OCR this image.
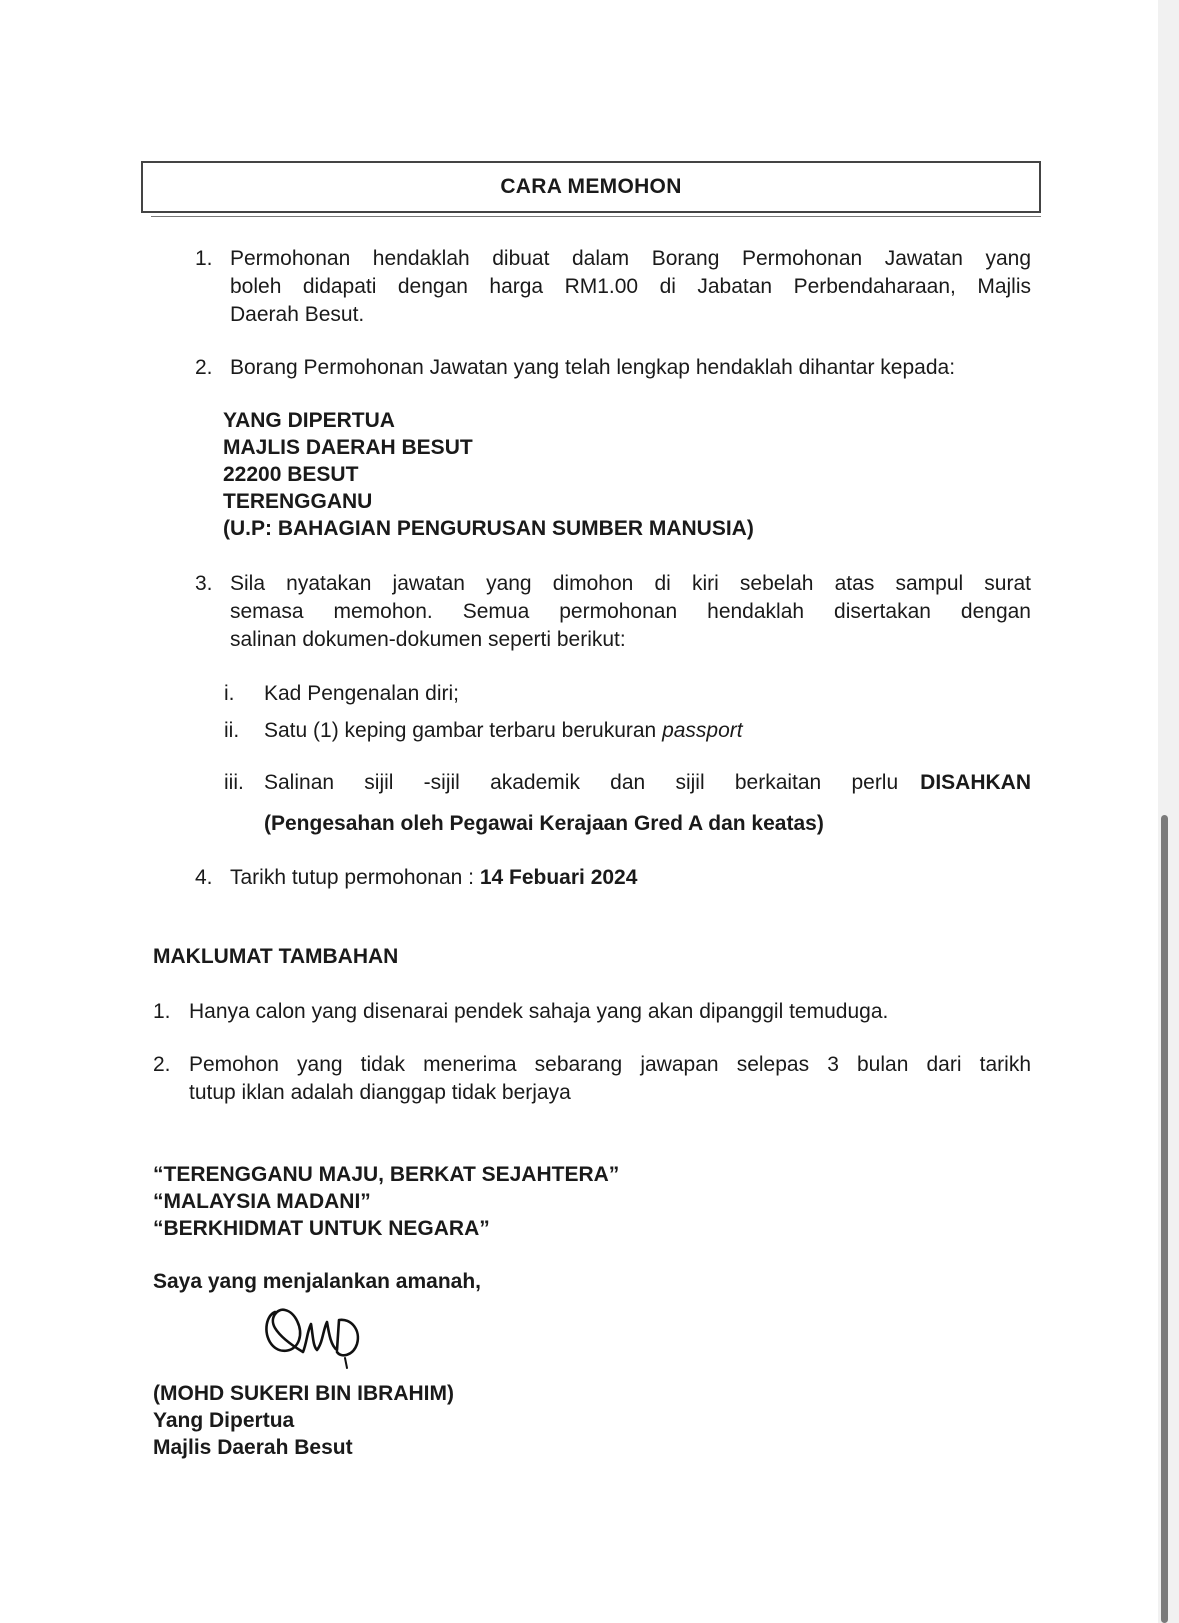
CARA MEMOHON
1. Permohonan hendaklah dibuat dalam Borang Permohonan Jawatan yang
boleh didapati dengan harga RM1.00 di Jabatan Perbendaharaan, Majlis
Daerah Besut.
2. Borang Permohonan Jawatan yang telah lengkap hendaklah dihantar kepada:
YANG DIPERTUA
MAJLIS DAERAH BESUT
22200 BESUT
TERENGGANU
(U.P: BAHAGIAN PENGURUSAN SUMBER MANUSIA)
3. Sila nyatakan jawatan yang dimohon di kiri sebelah atas sampul surat
semasa memohon. Semua permohonan hendaklah disertakan dengan
salinan dokumen-dokumen seperti berikut:
i. Kad Pengenalan diri;
ii. Satu (1) keping gambar terbaru berukuran passport
iii. Salinan sijil -sijil akademik dan sijil berkaitan perlu DISAHKAN
(Pengesahan oleh Pegawai Kerajaan Gred A dan keatas)
4. Tarikh tutup permohonan : 14 Febuari 2024
MAKLUMAT TAMBAHAN
1. Hanya calon yang disenarai pendek sahaja yang akan dipanggil temuduga.
2. Pemohon yang tidak menerima sebarang jawapan selepas 3 bulan dari tarikh
tutup iklan adalah dianggap tidak berjaya
“TERENGGANU MAJU, BERKAT SEJAHTERA”
“MALAYSIA MADANI”
“BERKHIDMAT UNTUK NEGARA”
Saya yang menjalankan amanah,
(MOHD SUKERI BIN IBRAHIM)
Yang Dipertua
Majlis Daerah Besut
